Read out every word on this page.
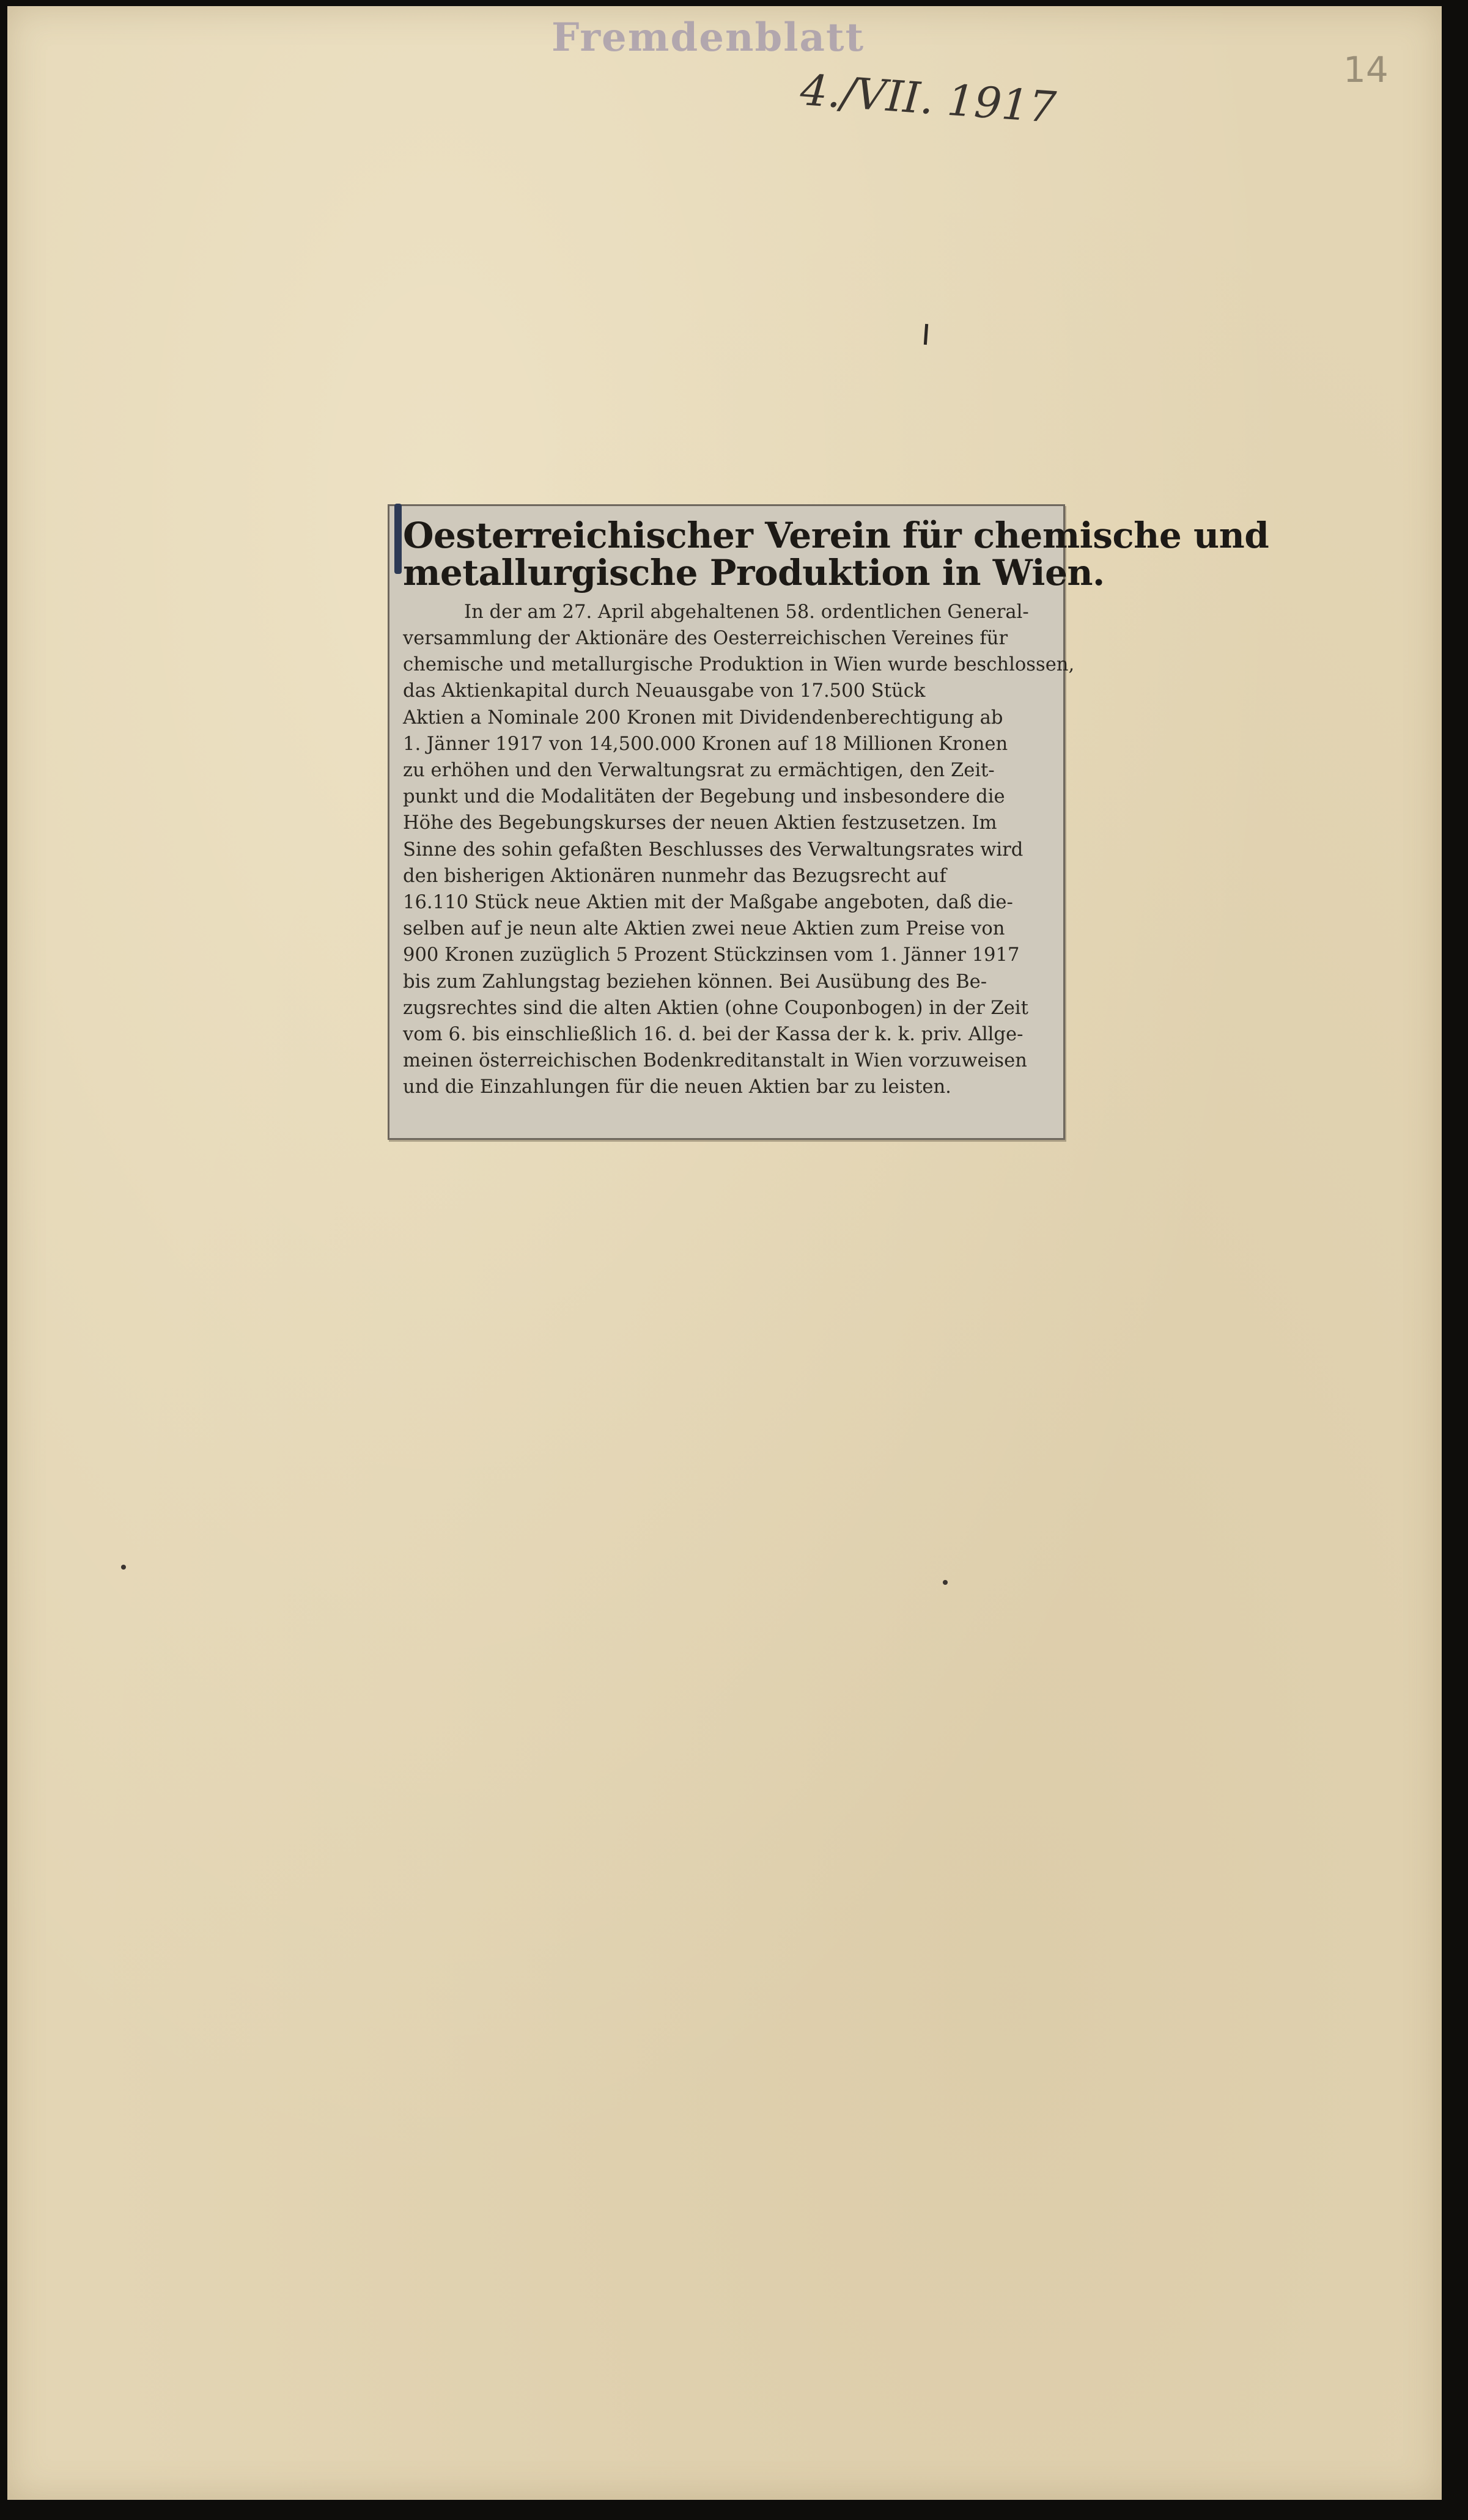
Fremdenblatt
4./VII. 1917	14
Oesterreichischer Verein für chemische und
metallurgische Produktion in Wien.
In der am 27. April abgehaltenen 58. ordentlichen General-
versammlung der Aktionäre des Oesterreichischen Vereines für
chemische und metallurgische Produktion in Wien wurde beschlossen,
das Aktienkapital durch Neuausgabe von 17.500 Stück
Aktien a Nominale 200 Kronen mit Dividendenberechtigung ab
1. Jänner 1917 von 14,500.000 Kronen auf 18 Millionen Kronen
zu erhöhen und den Verwaltungsrat zu ermächtigen, den Zeit-
punkt und die Modalitäten der Begebung und insbesondere die
Höhe des Begebungskurses der neuen Aktien festzusetzen. Im
Sinne des sohin gefaßten Beschlusses des Verwaltungsrates wird
den bisherigen Aktionären nunmehr das Bezugsrecht auf
16.110 Stück neue Aktien mit der Maßgabe angeboten, daß die-
selben auf je neun alte Aktien zwei neue Aktien zum Preise von
900 Kronen zuzüglich 5 Prozent Stückzinsen vom 1. Jänner 1917
bis zum Zahlungstag beziehen können. Bei Ausübung des Be-
zugsrechtes sind die alten Aktien (ohne Couponbogen) in der Zeit
vom 6. bis einschließlich 16. d. bei der Kassa der k. k. priv. Allge-
meinen österreichischen Bodenkreditanstalt in Wien vorzuweisen
und die Einzahlungen für die neuen Aktien bar zu leisten.
